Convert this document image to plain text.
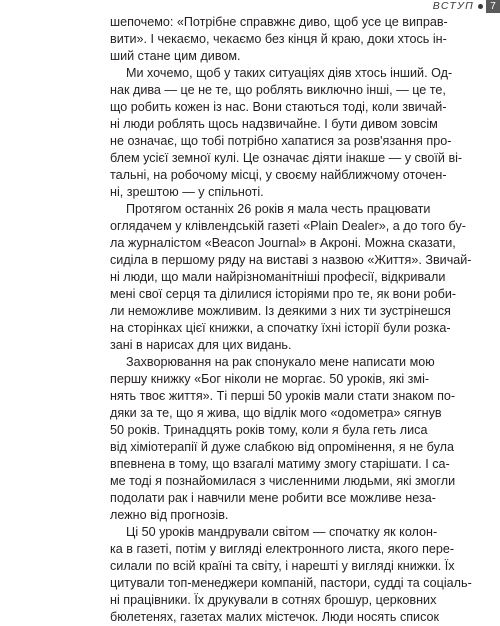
ВСТУП	7
шепочемо: «Потрібне справжнє диво, щоб усе це виправ-
вити». І чекаємо, чекаємо без кінця й краю, доки хтось ін-
ший стане цим дивом.
Ми хочемо, щоб у таких ситуаціях діяв хтось інший. Од-
нак дива — це не те, що роблять виключно інші, — це те,
що робить кожен із нас. Вони стаються тоді, коли звичай-
ні люди роблять щось надзвичайне. І бути дивом зовсім
не означає, що тобі потрібно хапатися за розв'язання про-
блем усієї земної кулі. Це означає діяти інакше — у своїй ві-
тальні, на робочому місці, у своєму найближчому оточен-
ні, зрештою — у спільноті.
Протягом останніх 26 років я мала честь працювати
оглядачем у клівлендській газеті «Plain Dealer», а до того бу-
ла журналістом «Beacon Journal» в Акроні. Можна сказати,
сиділа в першому ряду на виставі з назвою «Життя». Звичай-
ні люди, що мали найрізноманітніші професії, відкривали
мені свої серця та ділилися історіями про те, як вони роби-
ли неможливе можливим. Із деякими з них ти зустрінешся
на сторінках цієї книжки, а спочатку їхні історії були розка-
зані в нарисах для цих видань.
Захворювання на рак спонукало мене написати мою
першу книжку «Бог ніколи не моргає. 50 уроків, які змі-
нять твоє життя». Ті перші 50 уроків мали стати знаком по-
дяки за те, що я жива, що відлік мого «одометра» сягнув
50 років. Тринадцять років тому, коли я була геть лиса
від хіміотерапії й дуже слабкою від опромінення, я не була
впевнена в тому, що взагалі матиму змогу старішати. І са-
ме тоді я познайомилася з численними людьми, які змогли
подолати рак і навчили мене робити все можливе неза-
лежно від прогнозів.
Ці 50 уроків мандрували світом — спочатку як колон-
ка в газеті, потім у вигляді електронного листа, якого пере-
силали по всій країні та світу, і нарешті у вигляді книжки. Їх
цитували топ-менеджери компаній, пастори, судді та соціаль-
ні працівники. Їх друкували в сотнях брошур, церковних
бюлетенях, газетах малих містечок. Люди носять список
